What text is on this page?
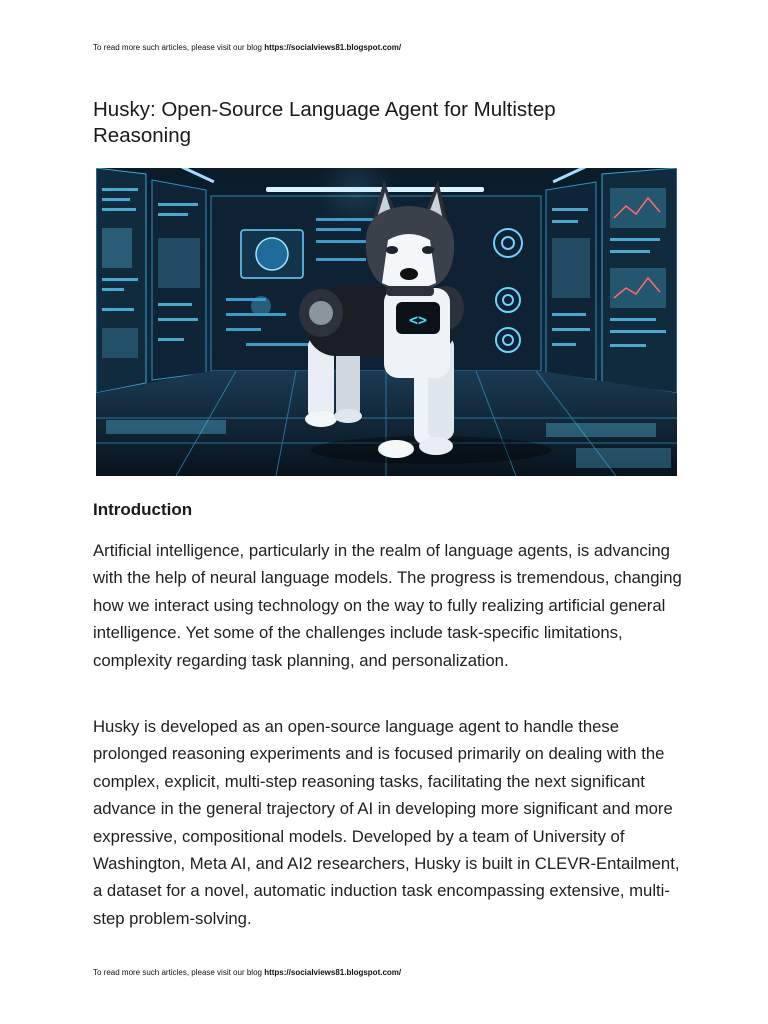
To read more such articles, please visit our blog https://socialviews81.blogspot.com/
Husky: Open-Source Language Agent for Multistep Reasoning
<>
Introduction

Artificial intelligence, particularly in the realm of language agents, is advancing with the help of neural language models. The progress is tremendous, changing how we interact using technology on the way to fully realizing artificial general intelligence. Yet some of the challenges include task-specific limitations, complexity regarding task planning, and personalization.

Husky is developed as an open-source language agent to handle these prolonged reasoning experiments and is focused primarily on dealing with the complex, explicit, multi-step reasoning tasks, facilitating the next significant advance in the general trajectory of AI in developing more significant and more expressive, compositional models. Developed by a team of University of Washington, Meta AI, and AI2 researchers, Husky is built in CLEVR-Entailment, a dataset for a novel, automatic induction task encompassing extensive, multi-step problem-solving.

To read more such articles, please visit our blog https://socialviews81.blogspot.com/
